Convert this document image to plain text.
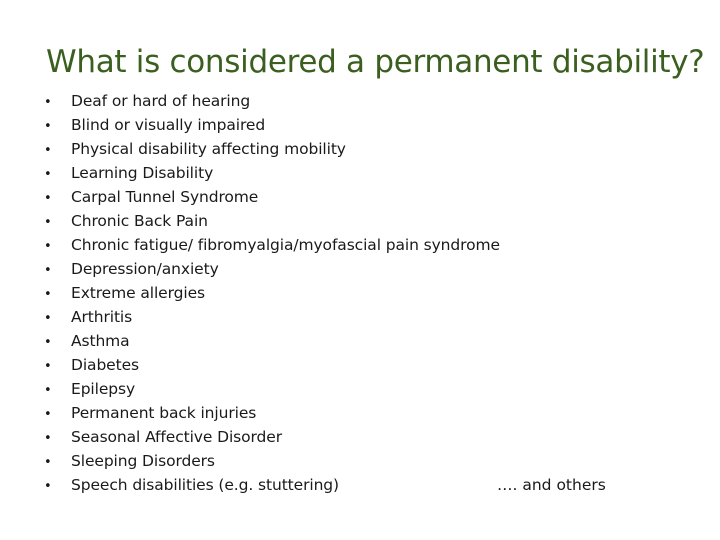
What is considered a permanent disability?
• Deaf or hard of hearing
• Blind or visually impaired
• Physical disability affecting mobility
• Learning Disability
• Carpal Tunnel Syndrome
• Chronic Back Pain
• Chronic fatigue/ fibromyalgia/myofascial pain syndrome
• Depression/anxiety
• Extreme allergies
• Arthritis
• Asthma
• Diabetes
• Epilepsy
• Permanent back injuries
• Seasonal Affective Disorder
• Sleeping Disorders
• Speech disabilities (e.g. stuttering)	…. and others
